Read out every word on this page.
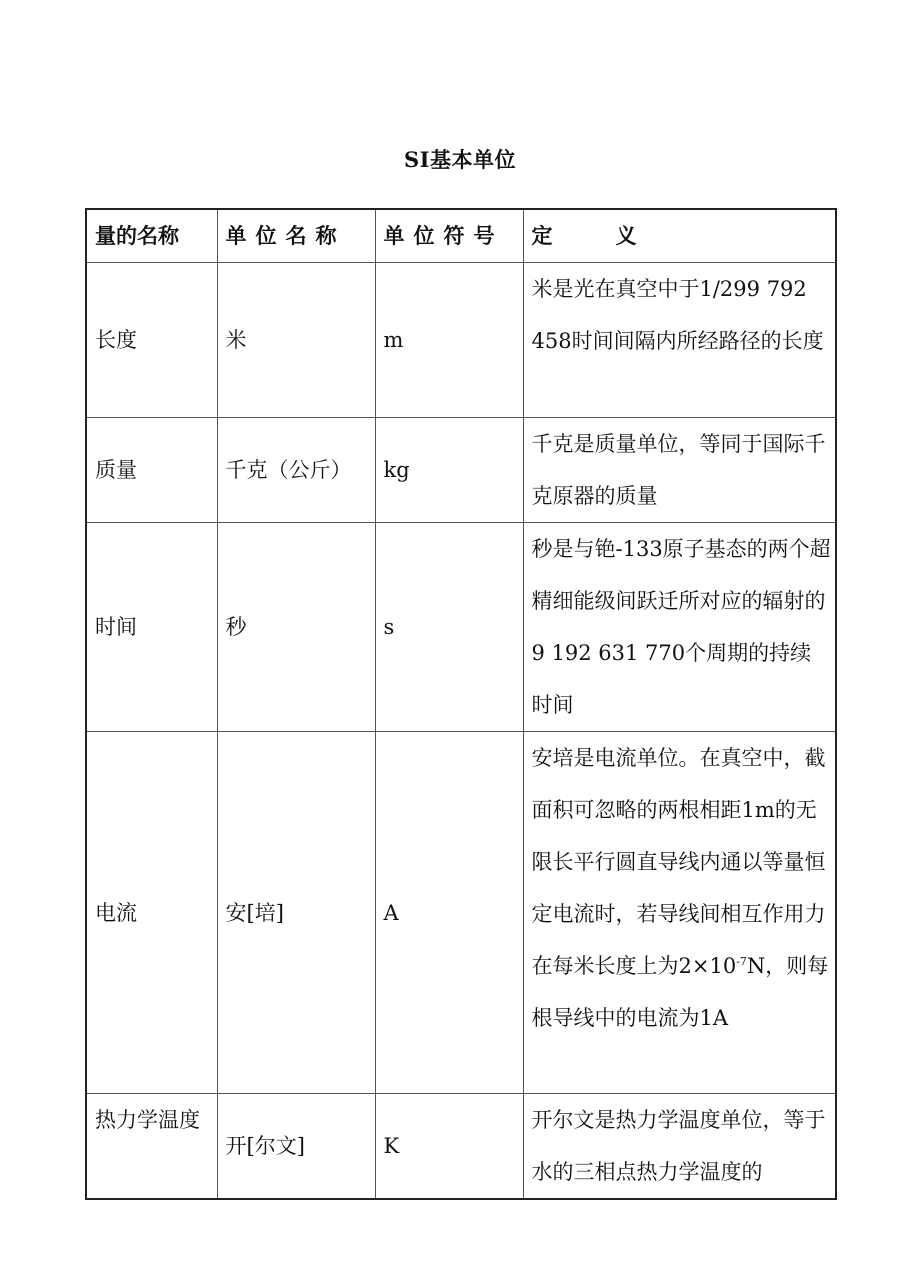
SI基本单位
量的名称	单位名称	单位符号	定　　　义
长度	米	m	米是光在真空中于1/299 792 458时间间隔内所经路径的长度
质量	千克（公斤）	kg	千克是质量单位，等同于国际千克原器的质量
时间	秒	s	秒是与铯-133原子基态的两个超精细能级间跃迁所对应的辐射的9 192 631 770个周期的持续时间
电流	安[培]	A	安培是电流单位。在真空中，截面积可忽略的两根相距1m的无限长平行圆直导线内通以等量恒定电流时，若导线间相互作用力在每米长度上为$2\times 10^{-7}N$，则每根导线中的电流为1A
热力学温度	开[尔文]	K	开尔文是热力学温度单位，等于水的三相点热力学温度的
